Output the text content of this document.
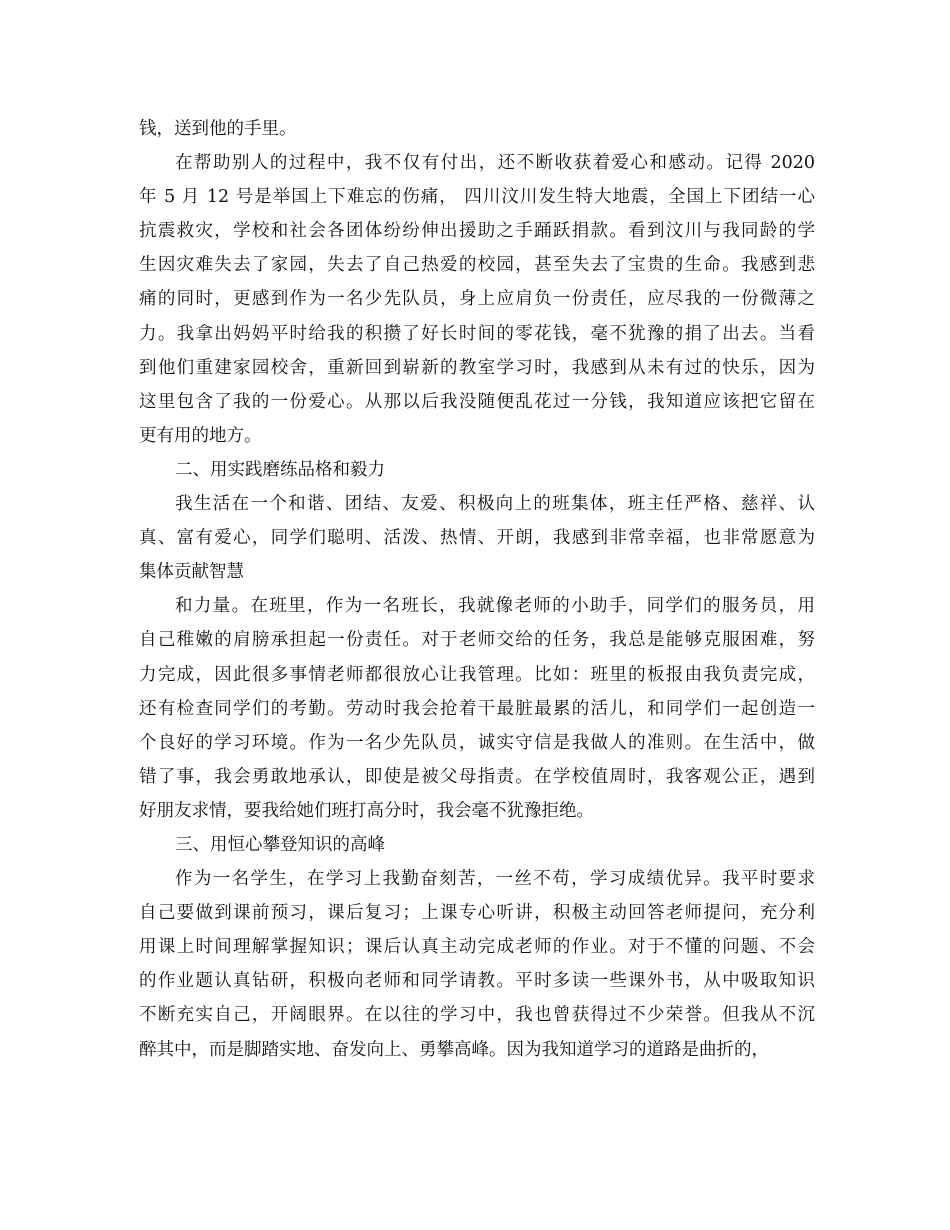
钱，送到他的手里。
在帮助别人的过程中，我不仅有付出，还不断收获着爱心和感动。记得 2020
年 5 月 12 号是举国上下难忘的伤痛， 四川汶川发生特大地震，全国上下团结一心
抗震救灾，学校和社会各团体纷纷伸出援助之手踊跃捐款。看到汶川与我同龄的学
生因灾难失去了家园，失去了自己热爱的校园，甚至失去了宝贵的生命。我感到悲
痛的同时，更感到作为一名少先队员，身上应肩负一份责任，应尽我的一份微薄之
力。我拿出妈妈平时给我的积攒了好长时间的零花钱，毫不犹豫的捐了出去。当看
到他们重建家园校舍，重新回到崭新的教室学习时，我感到从未有过的快乐，因为
这里包含了我的一份爱心。从那以后我没随便乱花过一分钱，我知道应该把它留在
更有用的地方。
二、用实践磨练品格和毅力
我生活在一个和谐、团结、友爱、积极向上的班集体，班主任严格、慈祥、认
真、富有爱心，同学们聪明、活泼、热情、开朗，我感到非常幸福，也非常愿意为
集体贡献智慧
和力量。在班里，作为一名班长，我就像老师的小助手，同学们的服务员，用
自己稚嫩的肩膀承担起一份责任。对于老师交给的任务，我总是能够克服困难，努
力完成，因此很多事情老师都很放心让我管理。比如：班里的板报由我负责完成，
还有检查同学们的考勤。劳动时我会抢着干最脏最累的活儿，和同学们一起创造一
个良好的学习环境。作为一名少先队员，诚实守信是我做人的准则。在生活中，做
错了事，我会勇敢地承认，即使是被父母指责。在学校值周时，我客观公正，遇到
好朋友求情，要我给她们班打高分时，我会毫不犹豫拒绝。
三、用恒心攀登知识的高峰
作为一名学生，在学习上我勤奋刻苦，一丝不苟，学习成绩优异。我平时要求
自己要做到课前预习，课后复习；上课专心听讲，积极主动回答老师提问，充分利
用课上时间理解掌握知识；课后认真主动完成老师的作业。对于不懂的问题、不会
的作业题认真钻研，积极向老师和同学请教。平时多读一些课外书，从中吸取知识
不断充实自己，开阔眼界。在以往的学习中，我也曾获得过不少荣誉。但我从不沉
醉其中，而是脚踏实地、奋发向上、勇攀高峰。因为我知道学习的道路是曲折的，
